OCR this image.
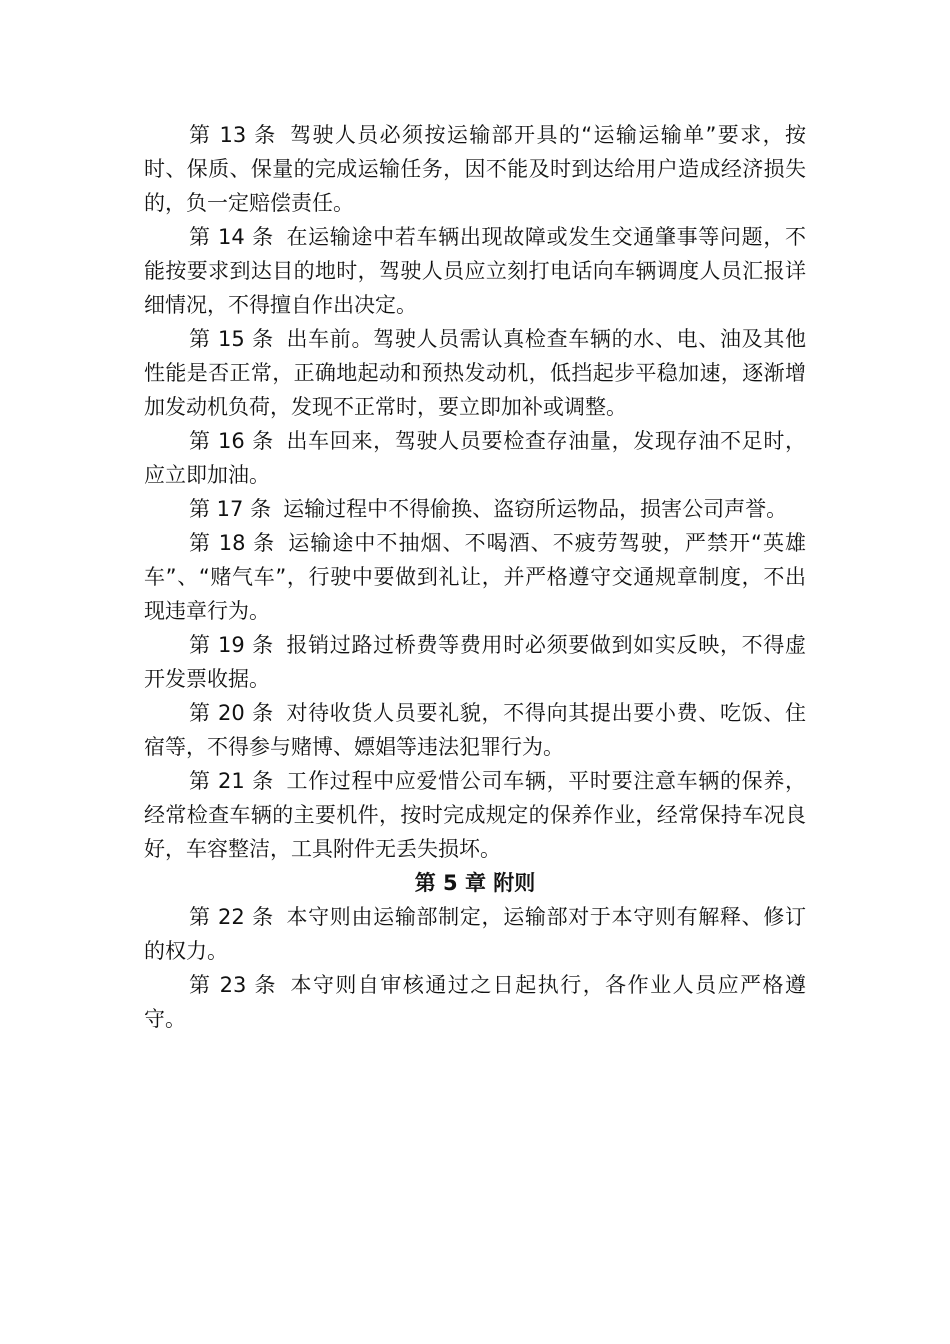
第 13 条 驾驶人员必须按运输部开具的“运输运输单”要求，按时、保质、保量的完成运输任务，因不能及时到达给用户造成经济损失的，负一定赔偿责任。

第 14 条 在运输途中若车辆出现故障或发生交通肇事等问题，不能按要求到达目的地时，驾驶人员应立刻打电话向车辆调度人员汇报详细情况，不得擅自作出决定。

第 15 条 出车前。驾驶人员需认真检查车辆的水、电、油及其他性能是否正常，正确地起动和预热发动机，低挡起步平稳加速，逐渐增加发动机负荷，发现不正常时，要立即加补或调整。

第 16 条 出车回来，驾驶人员要检查存油量，发现存油不足时，应立即加油。

第 17 条 运输过程中不得偷换、盗窃所运物品，损害公司声誉。

第 18 条 运输途中不抽烟、不喝酒、不疲劳驾驶，严禁开“英雄车”、“赌气车”，行驶中要做到礼让，并严格遵守交通规章制度，不出现违章行为。

第 19 条 报销过路过桥费等费用时必须要做到如实反映，不得虚开发票收据。

第 20 条 对待收货人员要礼貌，不得向其提出要小费、吃饭、住宿等，不得参与赌博、嫖娼等违法犯罪行为。

第 21 条 工作过程中应爱惜公司车辆，平时要注意车辆的保养，经常检查车辆的主要机件，按时完成规定的保养作业，经常保持车况良好，车容整洁，工具附件无丢失损坏。

第 5 章 附则

第 22 条 本守则由运输部制定，运输部对于本守则有解释、修订的权力。

第 23 条 本守则自审核通过之日起执行，各作业人员应严格遵守。
